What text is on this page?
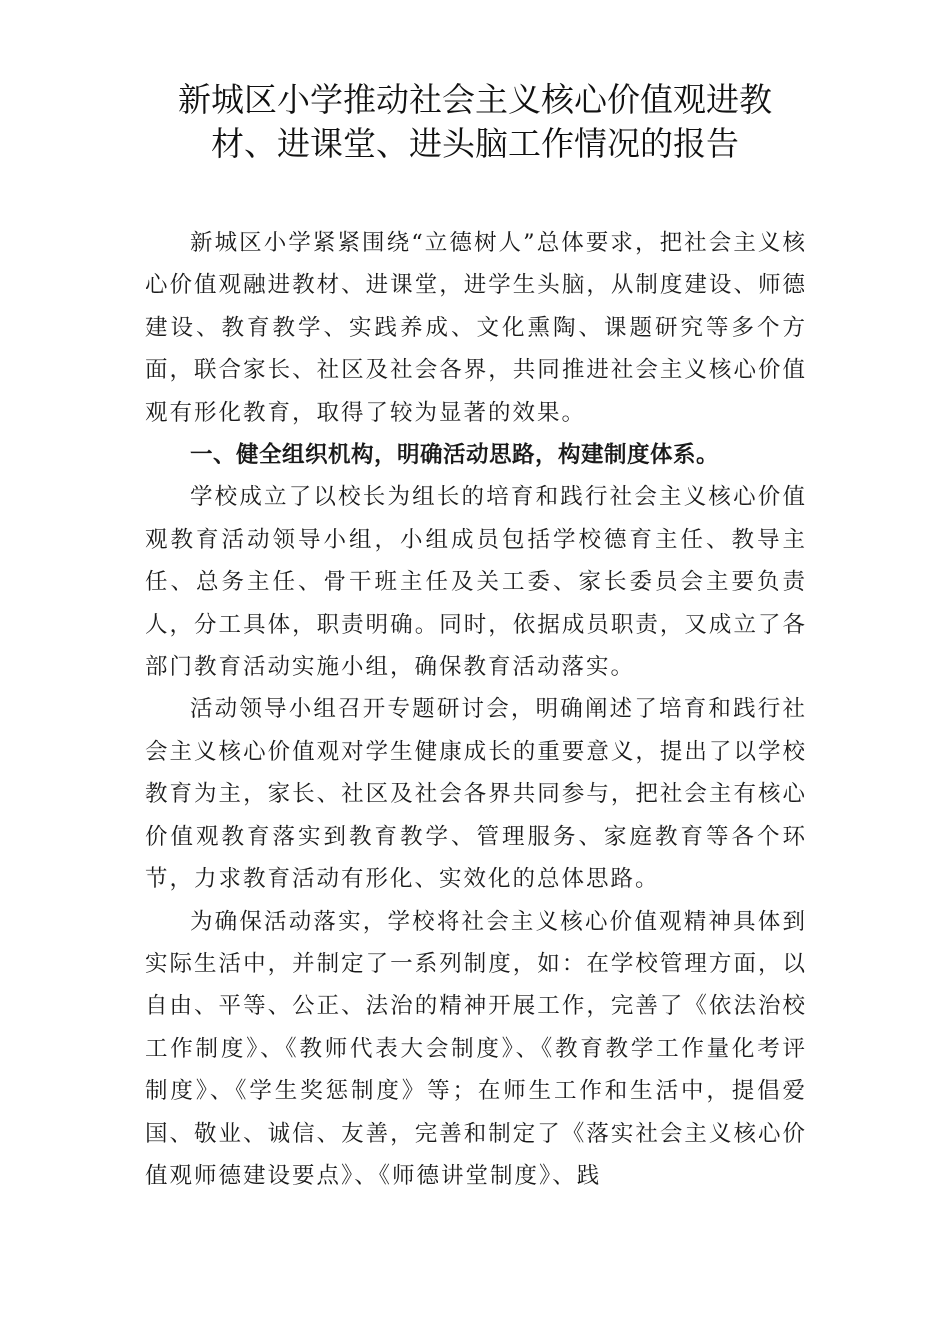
新城区小学推动社会主义核心价值观进教
材、进课堂、进头脑工作情况的报告

新城区小学紧紧围绕“立德树人”总体要求，把社会主义核心价值观融进教材、进课堂，进学生头脑，从制度建设、师德建设、教育教学、实践养成、文化熏陶、课题研究等多个方面，联合家长、社区及社会各界，共同推进社会主义核心价值观有形化教育，取得了较为显著的效果。

一、健全组织机构，明确活动思路，构建制度体系。

学校成立了以校长为组长的培育和践行社会主义核心价值观教育活动领导小组，小组成员包括学校德育主任、教导主任、总务主任、骨干班主任及关工委、家长委员会主要负责人，分工具体，职责明确。同时，依据成员职责，又成立了各部门教育活动实施小组，确保教育活动落实。

活动领导小组召开专题研讨会，明确阐述了培育和践行社会主义核心价值观对学生健康成长的重要意义，提出了以学校教育为主，家长、社区及社会各界共同参与，把社会主有核心价值观教育落实到教育教学、管理服务、家庭教育等各个环节，力求教育活动有形化、实效化的总体思路。

为确保活动落实，学校将社会主义核心价值观精神具体到实际生活中，并制定了一系列制度，如：在学校管理方面，以自由、平等、公正、法治的精神开展工作，完善了《依法治校工作制度》、《教师代表大会制度》、《教育教学工作量化考评制度》、《学生奖惩制度》等；在师生工作和生活中，提倡爱国、敬业、诚信、友善，完善和制定了《落实社会主义核心价值观师德建设要点》、《师德讲堂制度》、践
